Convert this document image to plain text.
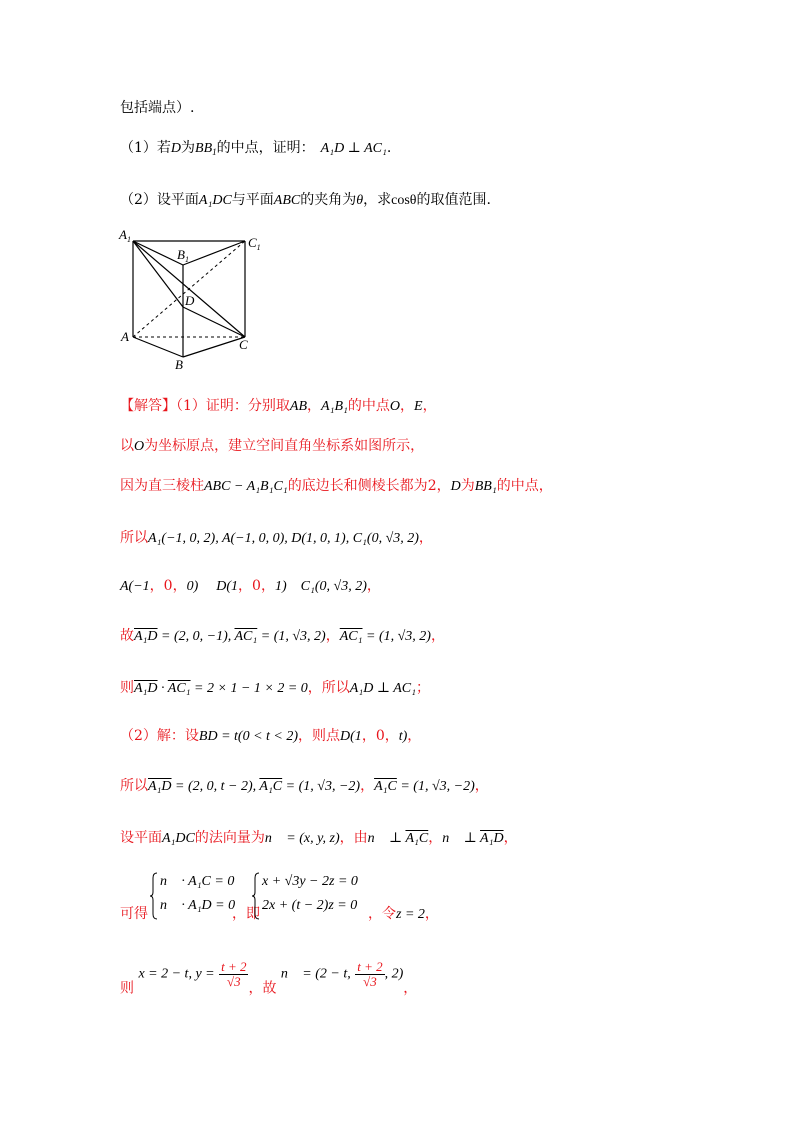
包括端点）.
（1）若D为$BB_1$的中点，证明： A₁D ⊥ AC₁.
（2）设平面A₁DC与平面ABC的夹角为θ，求cosθ的取值范围.
$A_1$
$B_1$
$C_1$
D
A
B
C
【解答】（1）证明：分别取AB，A₁B₁的中点O，E，
以O为坐标原点，建立空间直角坐标系如图所示，
因为直三棱柱ABC − A₁B₁C₁的底边长和侧棱长都为2，D为BB₁的中点，
所以A₁(−1, 0, 2), A(−1, 0, 0), D(1, 0, 1), C₁(0, √3, 2)，
A(−1，0，0) D(1，0，1) C₁(0, √3, 2)，
故A₁D = (2, 0, −1), AC₁ = (1, √3, 2)，AC₁ = (1, √3, 2)，
则A₁D · AC₁ = 2 × 1 − 1 × 2 = 0，所以A₁D ⊥ AC₁；
（2）解：设BD = t(0 < t < 2)，则点D(1，0，t)，
所以A₁D = (2, 0, t − 2), A₁C = (1, √3, −2)，A₁C = (1, √3, −2)，
设平面A₁DC的法向量为n⃗ = (x, y, z)，由n⃗ ⊥ A₁C，n⃗ ⊥ A₁D，
可得
n⃗ · A₁C = 0
n⃗ · A₁D = 0
，即
x + √3y − 2z = 0
2x + (t − 2)z = 0
，令z = 2，
则 x = 2 − t, $y = \frac{t + 2}{√3}$ ，故 n⃗ = (2 − t, $\frac{t + 2}{√3}$ , 2)，
